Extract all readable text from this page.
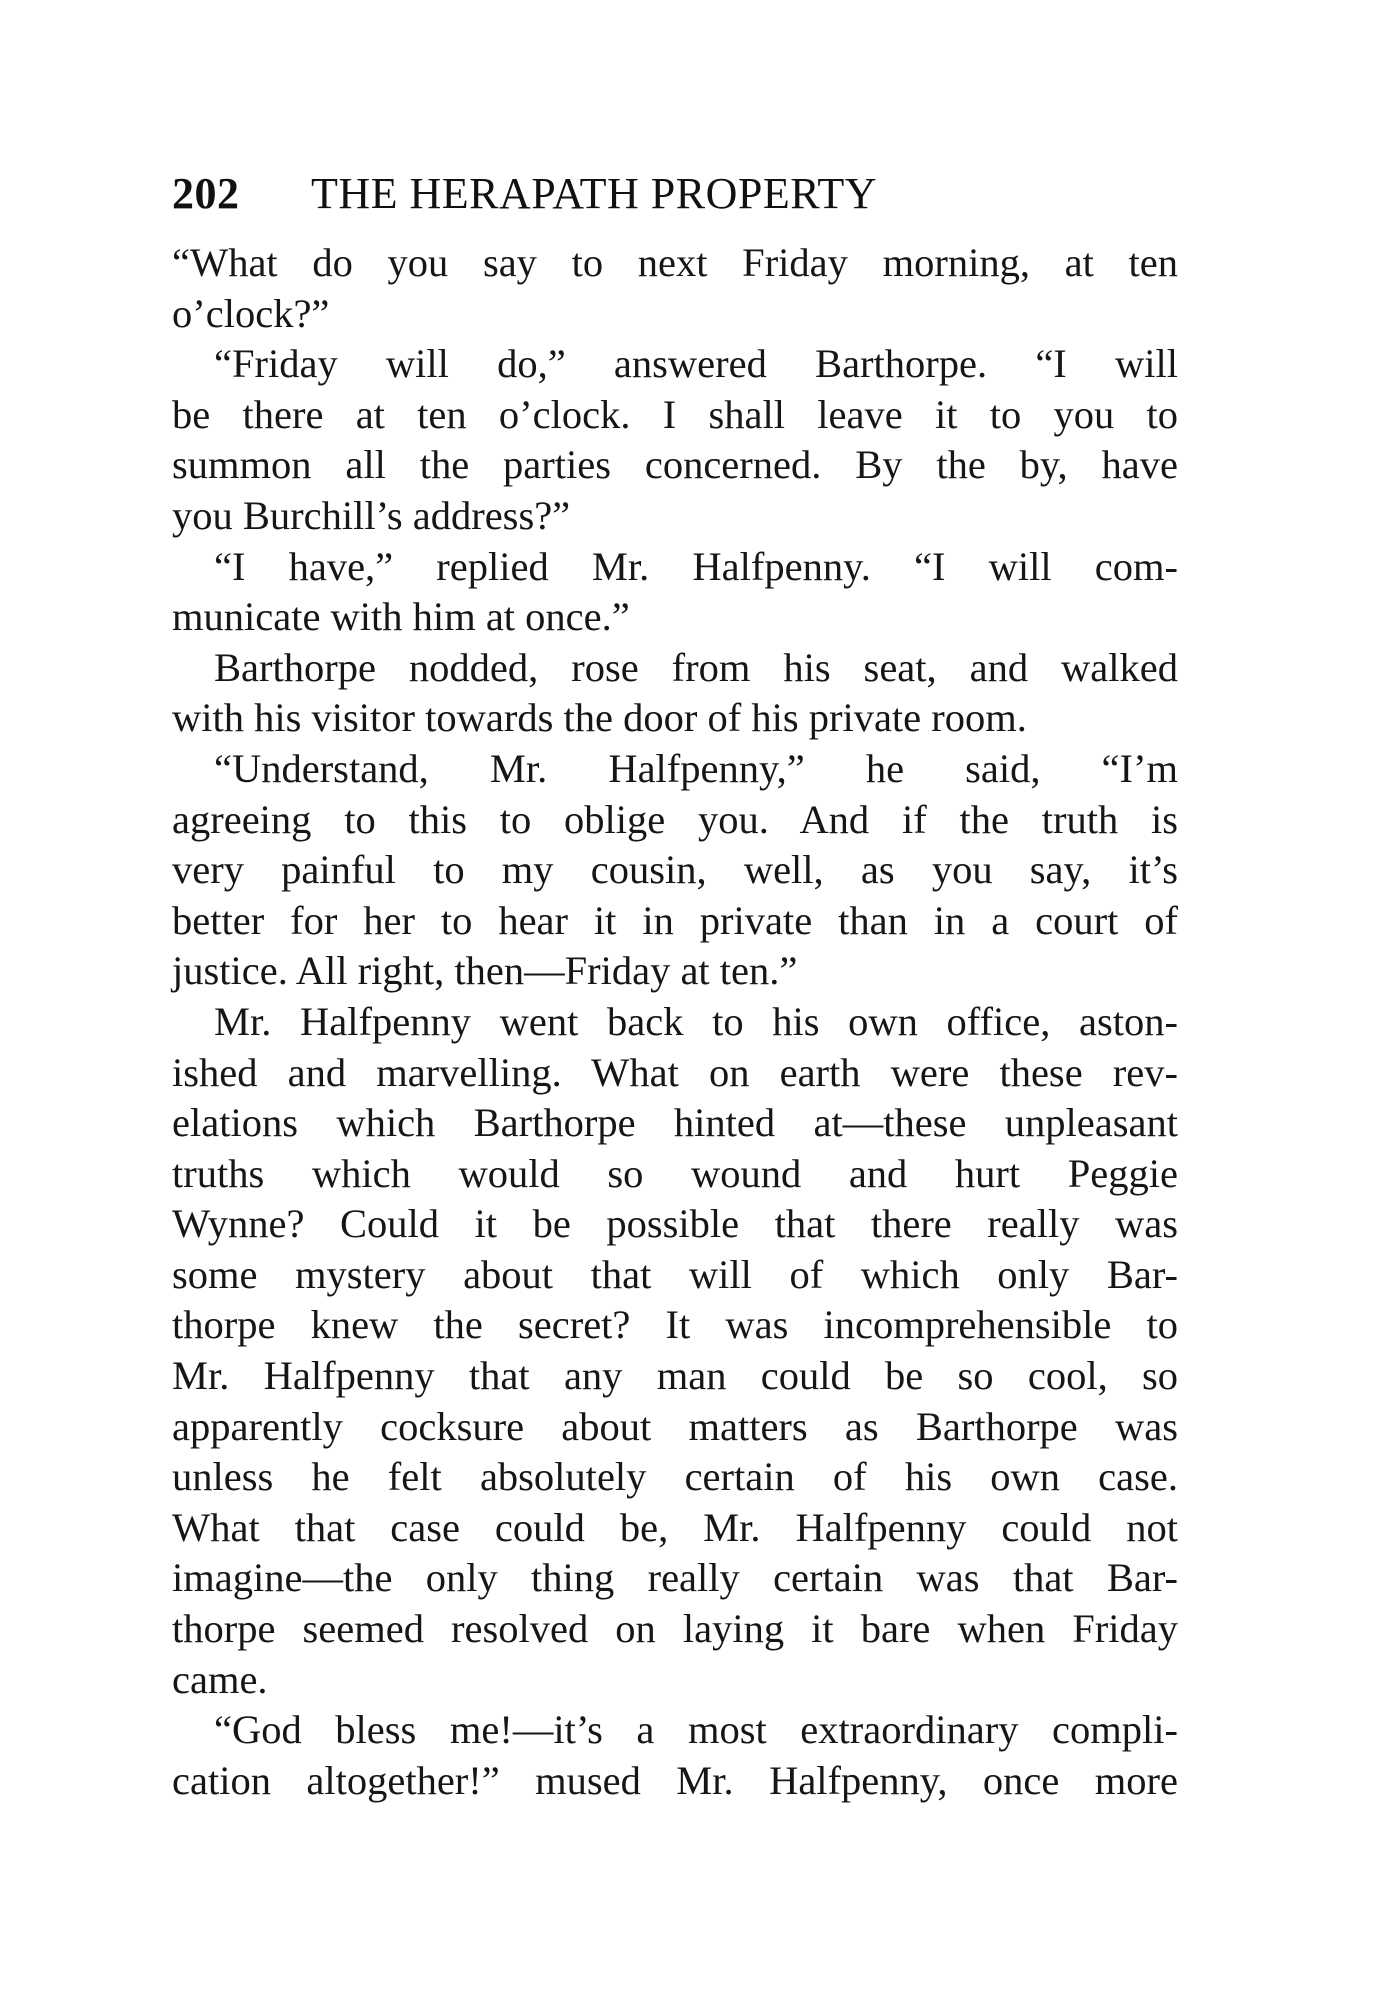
202 THE HERAPATH PROPERTY
“What do you say to next Friday morning, at ten
o’clock?”
“Friday will do,” answered Barthorpe. “I will
be there at ten o’clock. I shall leave it to you to
summon all the parties concerned. By the by, have
you Burchill’s address?”
“I have,” replied Mr. Halfpenny. “I will com-
municate with him at once.”
Barthorpe nodded, rose from his seat, and walked
with his visitor towards the door of his private room.
“Understand, Mr. Halfpenny,” he said, “I’m
agreeing to this to oblige you. And if the truth is
very painful to my cousin, well, as you say, it’s
better for her to hear it in private than in a court of
justice. All right, then—Friday at ten.”
Mr. Halfpenny went back to his own office, aston-
ished and marvelling. What on earth were these rev-
elations which Barthorpe hinted at—these unpleasant
truths which would so wound and hurt Peggie
Wynne? Could it be possible that there really was
some mystery about that will of which only Bar-
thorpe knew the secret? It was incomprehensible to
Mr. Halfpenny that any man could be so cool, so
apparently cocksure about matters as Barthorpe was
unless he felt absolutely certain of his own case.
What that case could be, Mr. Halfpenny could not
imagine—the only thing really certain was that Bar-
thorpe seemed resolved on laying it bare when Friday
came.
“God bless me!—it’s a most extraordinary compli-
cation altogether!” mused Mr. Halfpenny, once more
